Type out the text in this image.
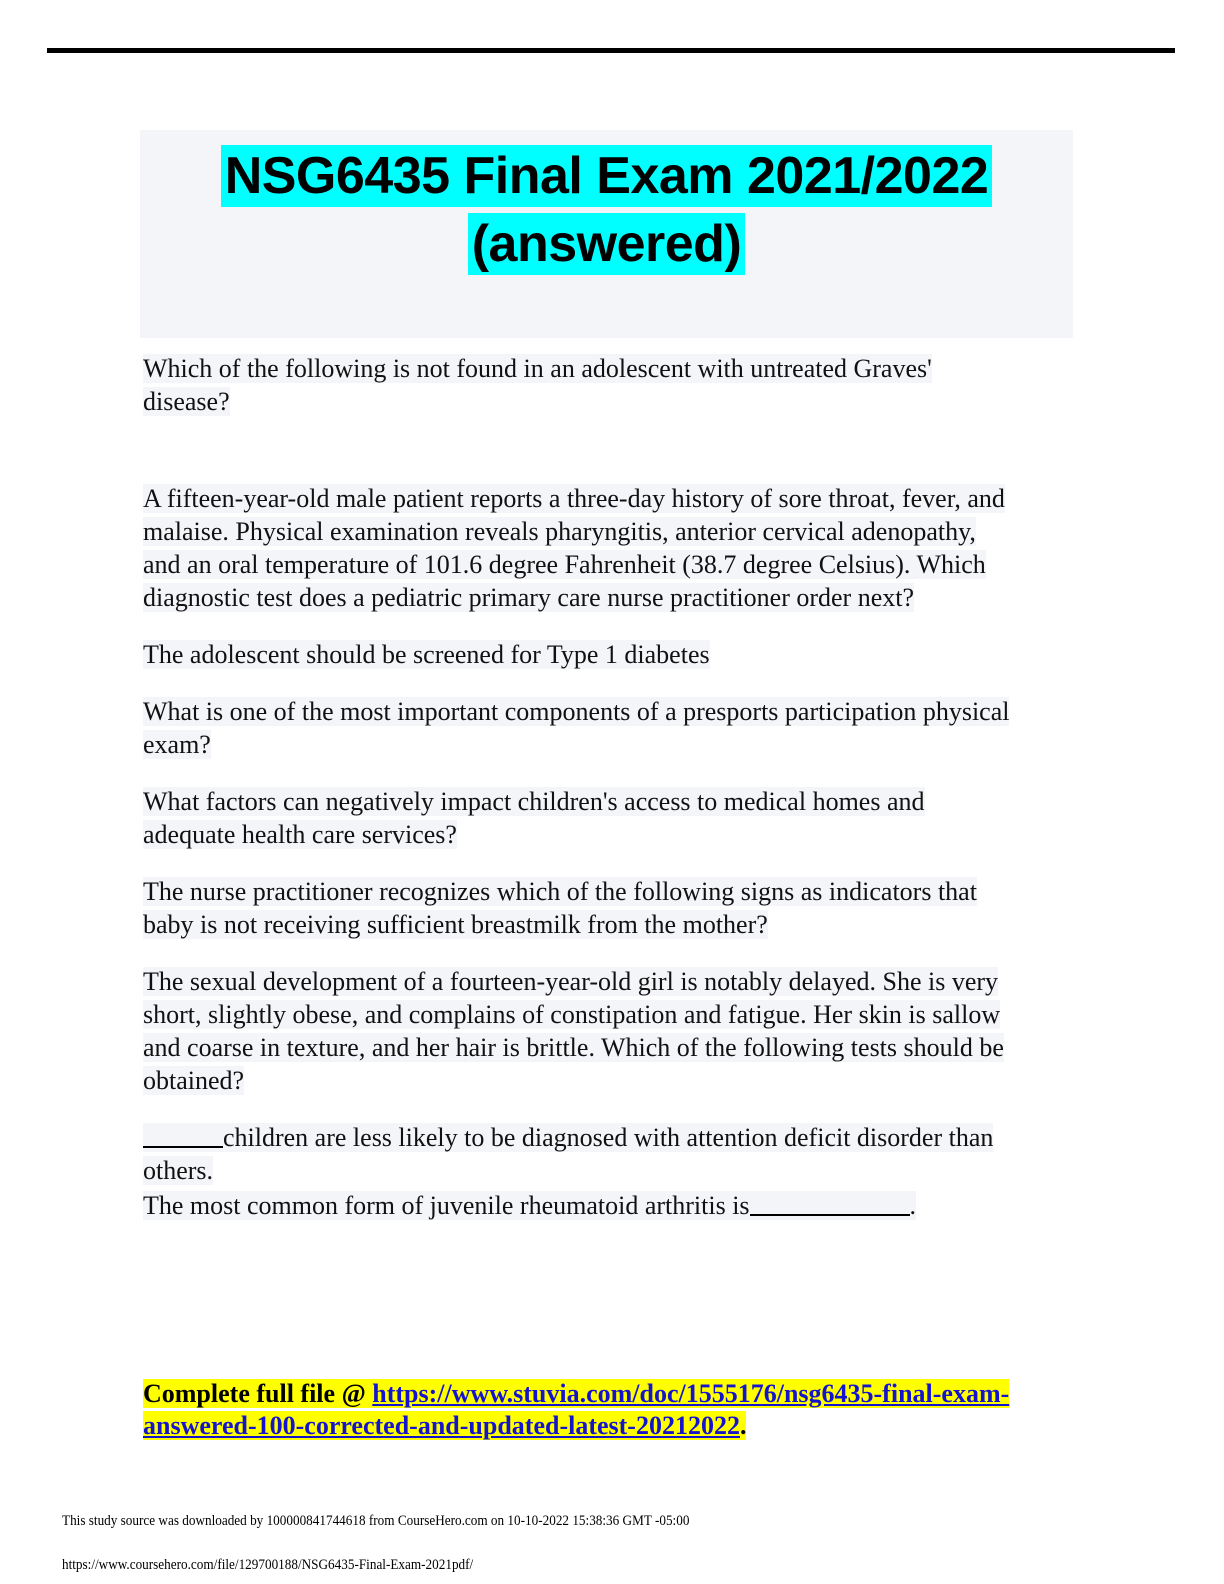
NSG6435 Final Exam 2021/2022
(answered)
Which of the following is not found in an adolescent with untreated Graves'
disease?
A fifteen-year-old male patient reports a three-day history of sore throat, fever, and
malaise. Physical examination reveals pharyngitis, anterior cervical adenopathy,
and an oral temperature of 101.6 degree Fahrenheit (38.7 degree Celsius). Which
diagnostic test does a pediatric primary care nurse practitioner order next?
The adolescent should be screened for Type 1 diabetes
What is one of the most important components of a presports participation physical
exam?
What factors can negatively impact children's access to medical homes and
adequate health care services?
The nurse practitioner recognizes which of the following signs as indicators that
baby is not receiving sufficient breastmilk from the mother?
The sexual development of a fourteen-year-old girl is notably delayed. She is very
short, slightly obese, and complains of constipation and fatigue. Her skin is sallow
and coarse in texture, and her hair is brittle. Which of the following tests should be
obtained?
children are less likely to be diagnosed with attention deficit disorder than
others.
The most common form of juvenile rheumatoid arthritis is	.
Complete full file @ https://www.stuvia.com/doc/1555176/nsg6435-final-exam-
answered-100-corrected-and-updated-latest-20212022.
This study source was downloaded by 100000841744618 from CourseHero.com on 10-10-2022 15:38:36 GMT -05:00
https://www.coursehero.com/file/129700188/NSG6435-Final-Exam-2021pdf/
